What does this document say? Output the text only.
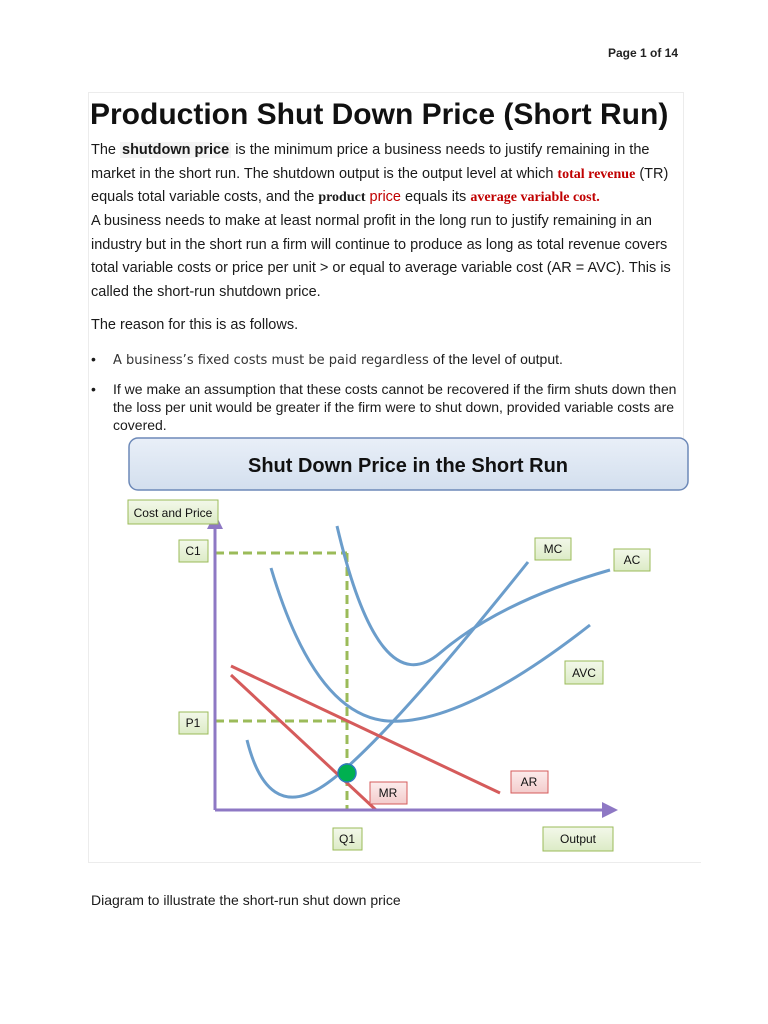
Page 1 of 14
Production Shut Down Price (Short Run)
The shutdown price is the minimum price a business needs to justify remaining in the market in the short run. The shutdown output is the output level at which total revenue (TR) equals total variable costs, and the product price equals its average variable cost.
A business needs to make at least normal profit in the long run to justify remaining in an industry but in the short run a firm will continue to produce as long as total revenue covers total variable costs or price per unit > or equal to average variable cost (AR = AVC). This is called the short-run shutdown price.
The reason for this is as follows.
• A business’s fixed costs must be paid regardless of the level of output.
• If we make an assumption that these costs cannot be recovered if the firm shuts down then the loss per unit would be greater if the firm were to shut down, provided variable costs are covered.
Shut Down Price in the Short Run
Cost and Price
C1
P1
Q1	Output
MC
AC
AVC
AR
MR
Diagram to illustrate the short-run shut down price
